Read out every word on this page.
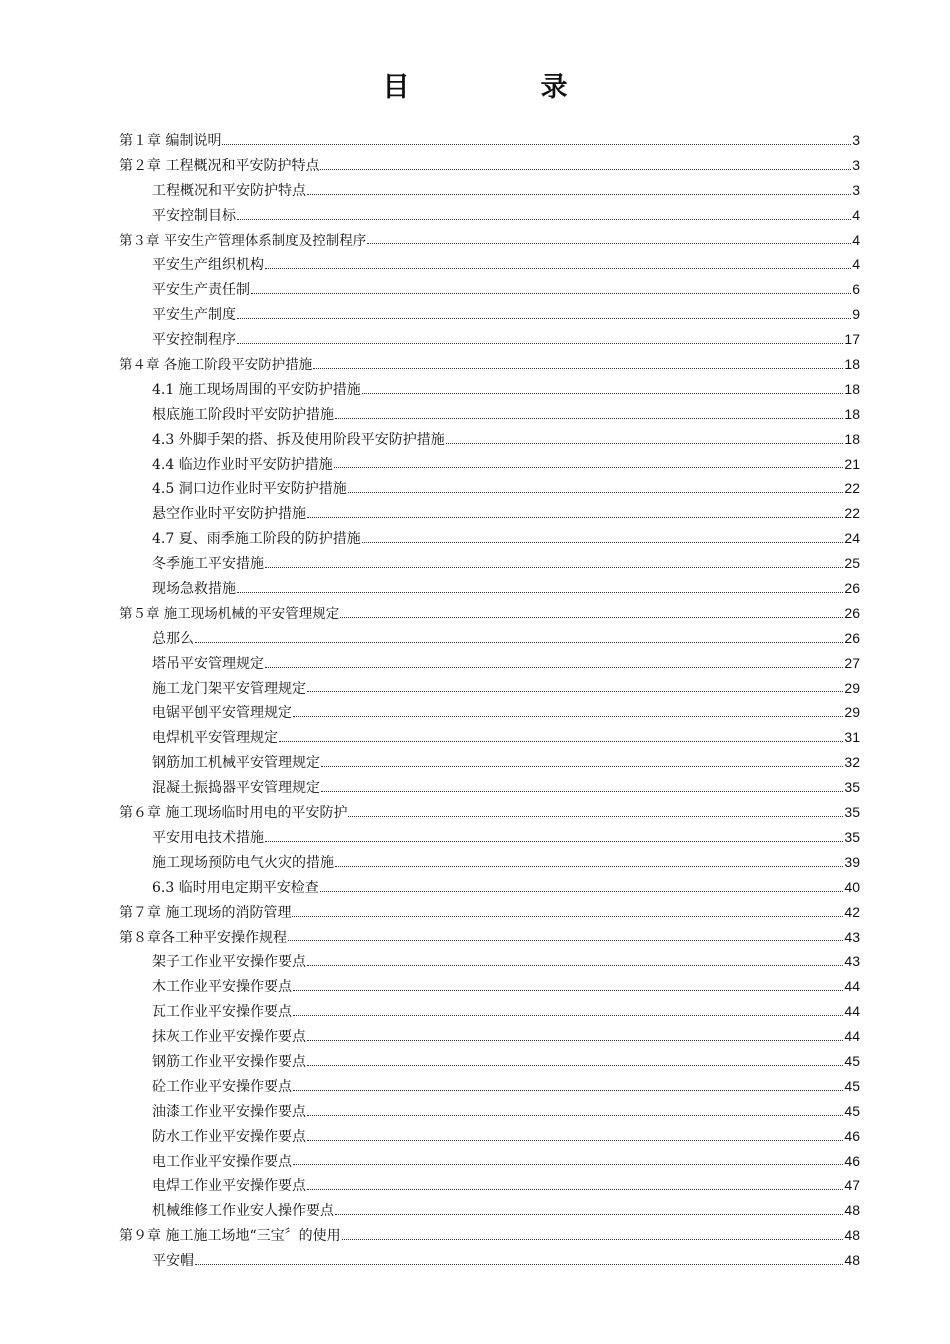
目　录
第１章 编制说明	3
第２章 工程概况和平安防护特点	3
工程概况和平安防护特点	3
平安控制目标	4
第３章 平安生产管理体系制度及控制程序	4
平安生产组织机构	4
平安生产责任制	6
平安生产制度	9
平安控制程序	17
第４章 各施工阶段平安防护措施	18
4.1 施工现场周围的平安防护措施	18
根底施工阶段时平安防护措施	18
4.3 外脚手架的搭、拆及使用阶段平安防护措施	18
4.4 临边作业时平安防护措施	21
4.5 洞口边作业时平安防护措施	22
悬空作业时平安防护措施	22
4.7 夏、雨季施工阶段的防护措施	24
冬季施工平安措施	25
现场急救措施	26
第５章 施工现场机械的平安管理规定	26
总那么	26
塔吊平安管理规定	27
施工龙门架平安管理规定	29
电锯平刨平安管理规定	29
电焊机平安管理规定	31
钢筋加工机械平安管理规定	32
混凝土振捣器平安管理规定	35
第６章 施工现场临时用电的平安防护	35
平安用电技术措施	35
施工现场预防电气火灾的措施	39
6.3 临时用电定期平安检查	40
第７章 施工现场的消防管理	42
第８章各工种平安操作规程	43
架子工作业平安操作要点	43
木工作业平安操作要点	44
瓦工作业平安操作要点	44
抹灰工作业平安操作要点	44
钢筋工作业平安操作要点	45
砼工作业平安操作要点	45
油漆工作业平安操作要点	45
防水工作业平安操作要点	46
电工作业平安操作要点	46
电焊工作业平安操作要点	47
机械维修工作业安人操作要点	48
第９章 施工施工场地“三宝〞的使用	48
平安帽	48
